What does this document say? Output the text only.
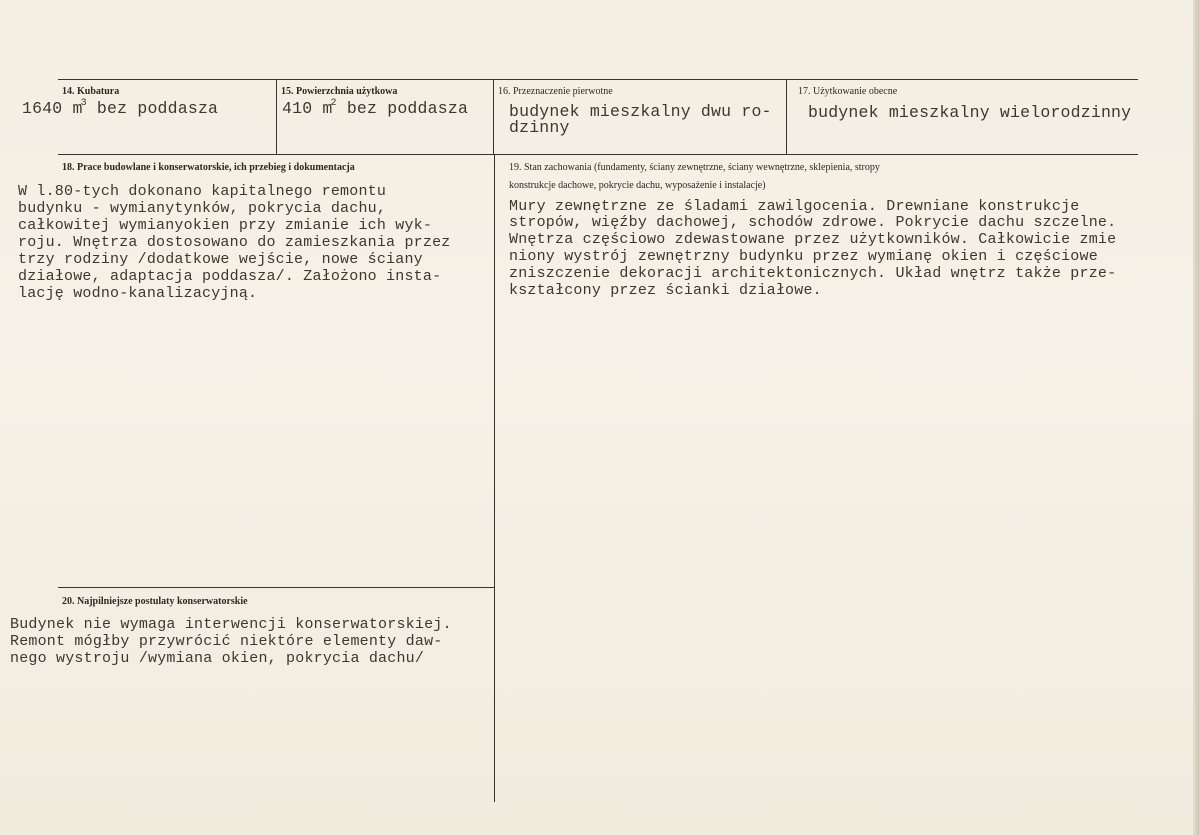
14. Kubatura
1640 $m^3$ bez poddasza
15. Powierzchnia użytkowa
410 $m^2$ bez poddasza
16. Przeznaczenie pierwotne
budynek mieszkalny dwu ro-
dzinny
17. Użytkowanie obecne
budynek mieszkalny wielorodzinny
18. Prace budowlane i konserwatorskie, ich przebieg i dokumentacja
W l.80-tych dokonano kapitalnego remontu
budynku - wymianytynków, pokrycia dachu,
całkowitej wymianyokien przy zmianie ich wyk-
roju. Wnętrza dostosowano do zamieszkania przez
trzy rodziny /dodatkowe wejście, nowe ściany
działowe, adaptacja poddasza/. Założono insta-
lację wodno-kanalizacyjną.
19. Stan zachowania (fundamenty, ściany zewnętrzne, ściany wewnętrzne, sklepienia, stropy
konstrukcje dachowe, pokrycie dachu, wyposażenie i instalacje)
Mury zewnętrzne ze śladami zawilgocenia. Drewniane konstrukcje
stropów, więźby dachowej, schodów zdrowe. Pokrycie dachu szczelne.
Wnętrza częściowo zdewastowane przez użytkowników. Całkowicie zmie
niony wystrój zewnętrzny budynku przez wymianę okien i częściowe
zniszczenie dekoracji architektonicznych. Układ wnętrz także prze-
kształcony przez ścianki działowe.
20. Najpilniejsze postulaty konserwatorskie
Budynek nie wymaga interwencji konserwatorskiej.
Remont mógłby przywrócić niektóre elementy daw-
nego wystroju /wymiana okien, pokrycia dachu/
